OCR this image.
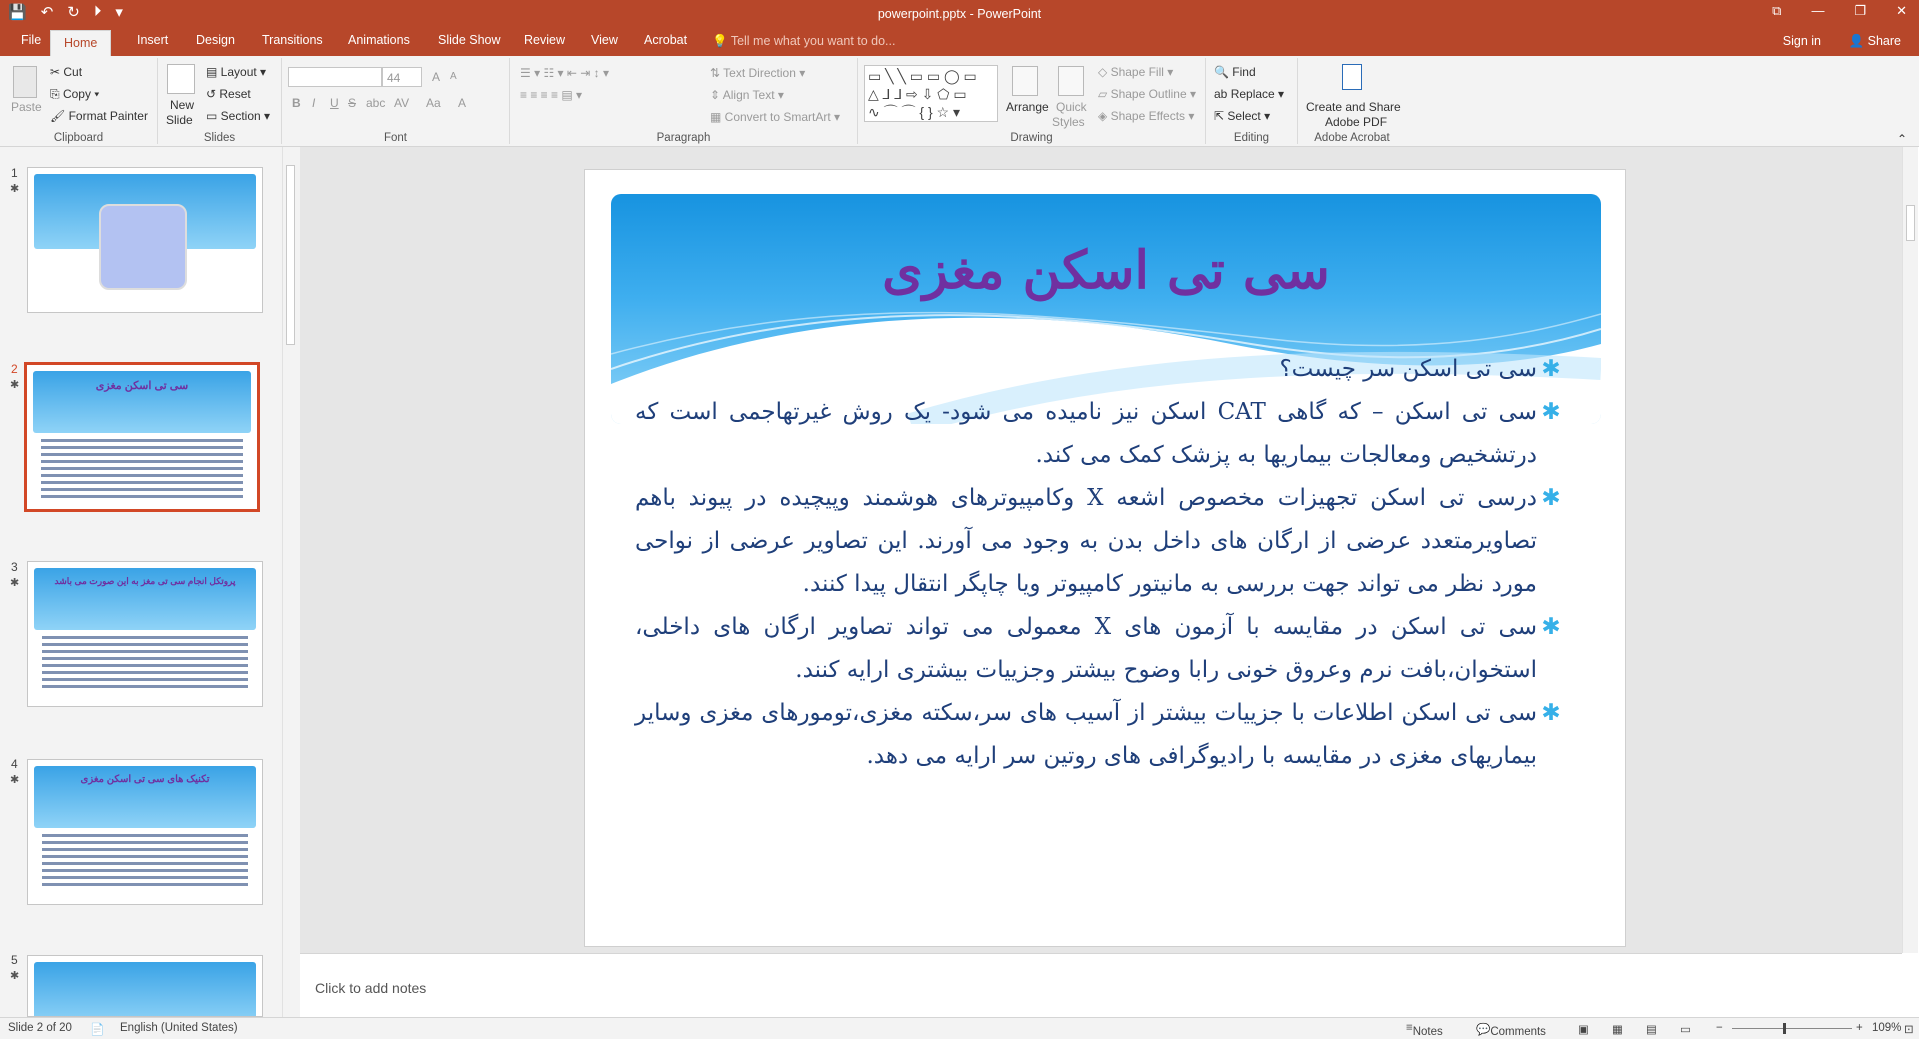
💾 ↶ ↻ ⏵ ▾	powerpoint.pptx - PowerPoint	⧉ — ❐ ✕
File	Home	Insert Design Transitions Animations Slide Show Review View Acrobat 💡 Tell me what you want to do...	Sign in 👤 Share
Paste
✂ Cut
⎘ Copy ▾
🖌 Format Painter
Clipboard
New
Slide
▤ Layout ▾
↺ Reset
▭ Section ▾
Slides
44	A A
B I U S abc AV Aa A
Font
☰ ▾ ☷ ▾ ⇤ ⇥ ↕ ▾
≡ ≡ ≡ ≡ ▤ ▾
⇅ Text Direction ▾
⇕ Align Text ▾
▦ Convert to SmartArt ▾
Paragraph
▭ ╲ ╲ ▭ ▭ ◯ ▭
△ ⅃ ⅃ ⇨ ⇩ ⬠ ▭
∿ ⌒ ⌒ { } ☆ ▾	Arrange Quick
Styles
◇ Shape Fill ▾
▱ Shape Outline ▾
◈ Shape Effects ▾
Drawing
🔍 Find
ab Replace ▾
⇱ Select ▾
Editing
Create and Share
Adobe PDF
Adobe Acrobat	⌃
1
✱
2
✱	سی تی اسکن مغزی
3
✱	پروتکل انجام سی تی مغز به این صورت می باشد
4
✱	تکنیک های سی تی اسکن مغزی
5
✱
سی تی اسکن مغزی
✱
سی تی اسکن سر چیست؟
✱
سی تی اسکن – که گاهی CAT اسکن نیز نامیده می شود- یک روش غیرتهاجمی است که درتشخیص ومعالجات بیماریها به پزشک کمک می کند.
✱
درسی تی اسکن تجهیزات مخصوص اشعه X وکامپیوترهای هوشمند وپیچیده در پیوند باهم تصاویرمتعدد عرضی از ارگان های داخل بدن به وجود می آورند. این تصاویر عرضی از نواحی مورد نظر می تواند جهت بررسی به مانیتور کامپیوتر ویا چاپگر انتقال پیدا کنند.
✱
سی تی اسکن در مقایسه با آزمون های X معمولی می تواند تصاویر ارگان های داخلی، استخوان،بافت نرم وعروق خونی رابا وضوح بیشتر وجزییات بیشتری ارایه کنند.
✱
سی تی اسکن اطلاعات با جزییات بیشتر از آسیب های سر،سکته مغزی،تومورهای مغزی وسایر بیماریهای مغزی در مقایسه با رادیوگرافی های روتین سر ارایه می دهد.
Click to add notes
Slide 2 of 20 📄 English (United States)	≡ Notes	💬 Comments	▣ ▦ ▤ ▭ −	+ 109% ⊡
